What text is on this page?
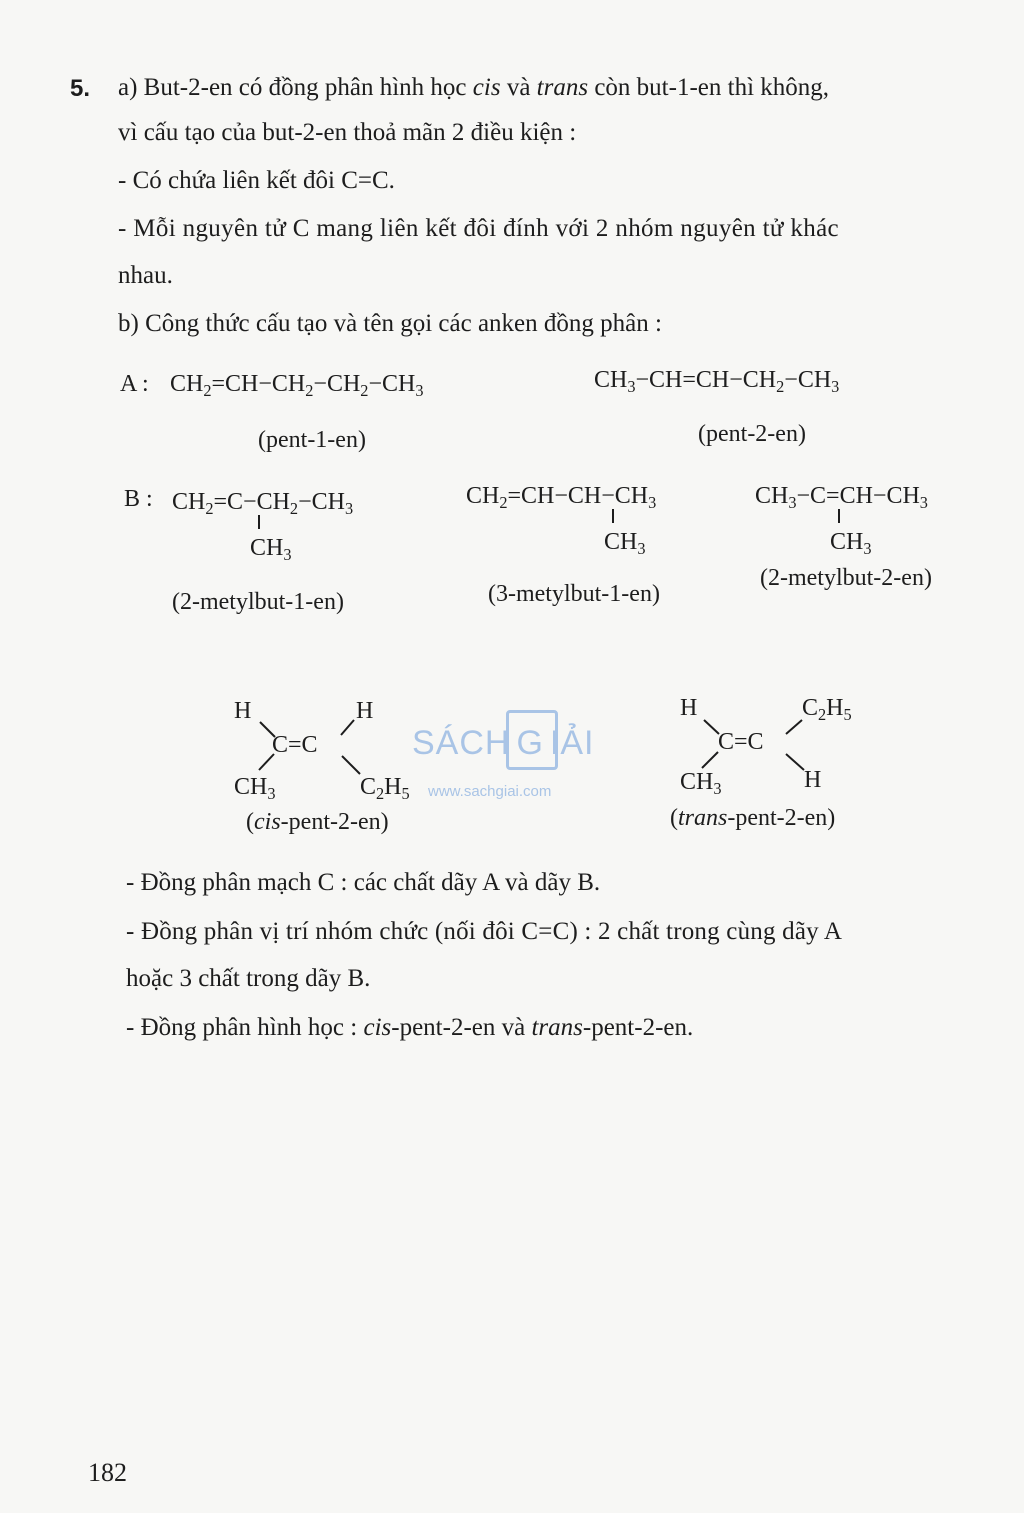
5. a) But-2-en có đồng phân hình học cis và trans còn but-1-en thì không,
vì cấu tạo của but-2-en thoả mãn 2 điều kiện :
- Có chứa liên kết đôi C=C.
- Mỗi nguyên tử C mang liên kết đôi đính với 2 nhóm nguyên tử khác
nhau.
b) Công thức cấu tạo và tên gọi các anken đồng phân :
A : $CH_2=CH-CH_2-CH_2-CH_3$	$CH_3-CH=CH-CH_2-CH_3$
(pent-1-en)	(pent-2-en)
B : $CH_2=C-CH_2-CH_3$
$CH_3$
(2-metylbut-1-en)
$CH_2=CH-CH-CH_3$
$CH_3$
(3-metylbut-1-en)
$CH_3-C=CH-CH_3$
$CH_3$
(2-metylbut-2-en)
H	H
C=C
$CH_3$	$C_2H_5$
(cis-pent-2-en)
H	$C_2H_5$
C=C
$CH_3$	H
(trans-pent-2-en)
SÁCH G IẢI
www.sachgiai.com
- Đồng phân mạch C : các chất dãy A và dãy B.
- Đồng phân vị trí nhóm chức (nối đôi C=C) : 2 chất trong cùng dãy A
hoặc 3 chất trong dãy B.
- Đồng phân hình học : cis-pent-2-en và trans-pent-2-en.
182
